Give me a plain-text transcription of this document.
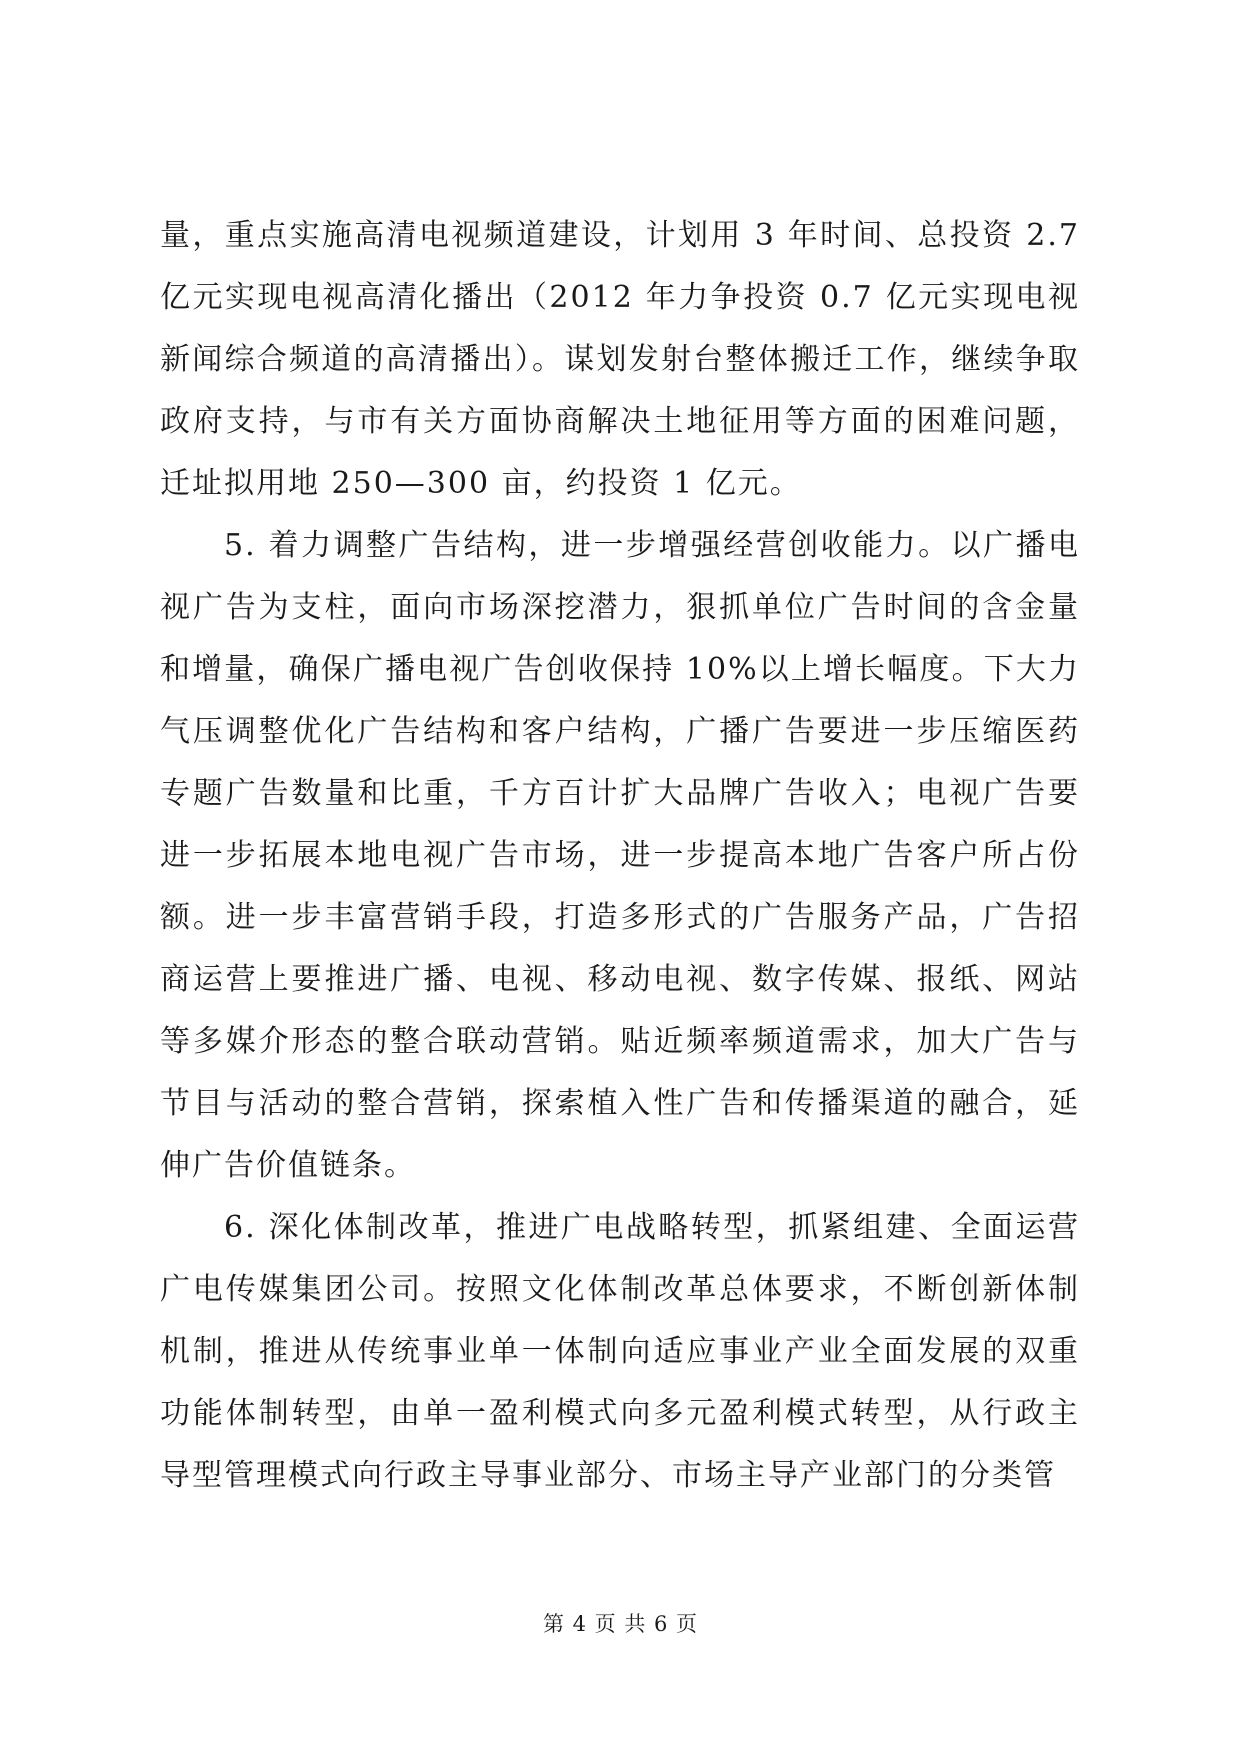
量，重点实施高清电视频道建设，计划用 3 年时间、总投资 2.7 亿元实现电视高清化播出（2012 年力争投资 0.7 亿元实现电视新闻综合频道的高清播出）。谋划发射台整体搬迁工作，继续争取政府支持，与市有关方面协商解决土地征用等方面的困难问题，迁址拟用地 250—300 亩，约投资 1 亿元。

5. 着力调整广告结构，进一步增强经营创收能力。以广播电视广告为支柱，面向市场深挖潜力，狠抓单位广告时间的含金量和增量，确保广播电视广告创收保持 10%以上增长幅度。下大力气压调整优化广告结构和客户结构，广播广告要进一步压缩医药专题广告数量和比重，千方百计扩大品牌广告收入；电视广告要进一步拓展本地电视广告市场，进一步提高本地广告客户所占份额。进一步丰富营销手段，打造多形式的广告服务产品，广告招商运营上要推进广播、电视、移动电视、数字传媒、报纸、网站等多媒介形态的整合联动营销。贴近频率频道需求，加大广告与节目与活动的整合营销，探索植入性广告和传播渠道的融合，延伸广告价值链条。

6. 深化体制改革，推进广电战略转型，抓紧组建、全面运营广电传媒集团公司。按照文化体制改革总体要求，不断创新体制机制，推进从传统事业单一体制向适应事业产业全面发展的双重功能体制转型，由单一盈利模式向多元盈利模式转型，从行政主导型管理模式向行政主导事业部分、市场主导产业部门的分类管

第 4 页 共 6 页
